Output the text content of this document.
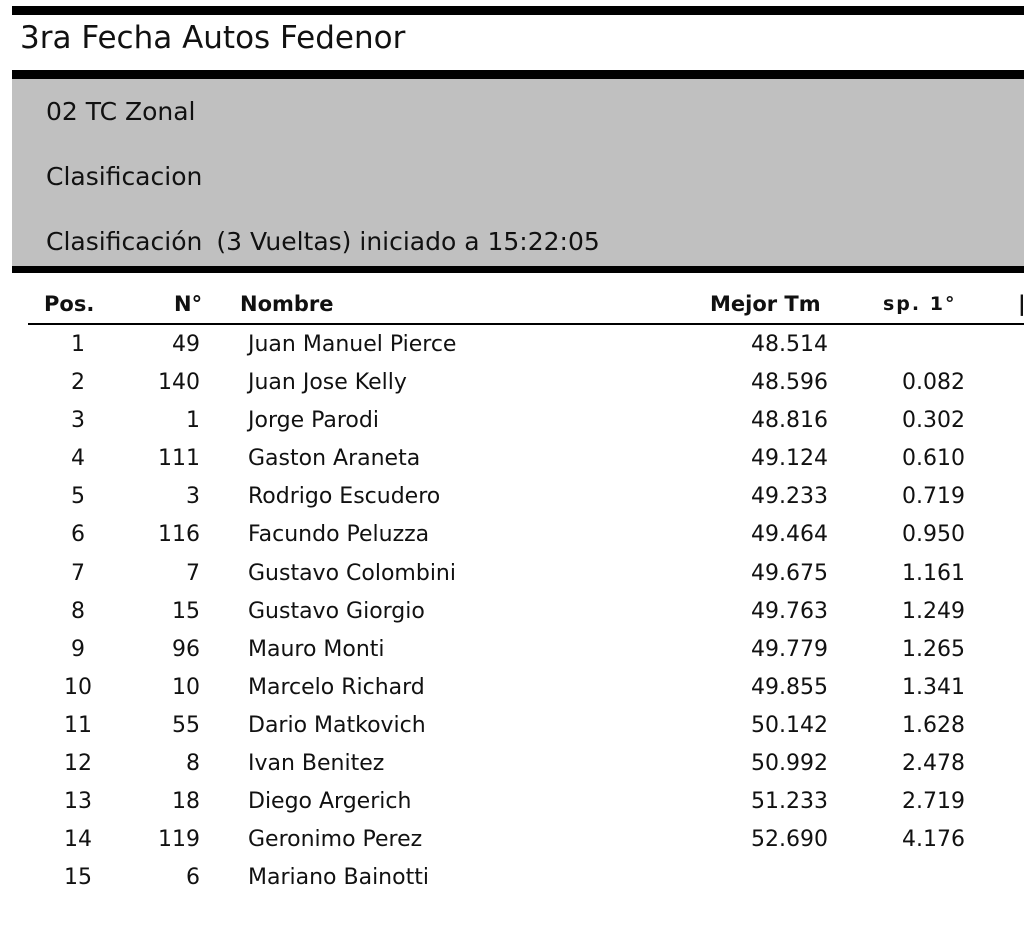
3ra Fecha Autos Fedenor
02 TC Zonal
Clasificacion
Clasificación (3 Vueltas) iniciado a 15:22:05
Pos.	N° Nombre	Mejor Tm	sp. 1°	|
1	49 Juan Manuel Pierce	48.514
2	140 Juan Jose Kelly	48.596	0.082
3	1 Jorge Parodi	48.816	0.302
4	111 Gaston Araneta	49.124	0.610
5	3 Rodrigo Escudero	49.233	0.719
6	116 Facundo Peluzza	49.464	0.950
7	7 Gustavo Colombini	49.675	1.161
8	15 Gustavo Giorgio	49.763	1.249
9	96 Mauro Monti	49.779	1.265
10	10 Marcelo Richard	49.855	1.341
11	55 Dario Matkovich	50.142	1.628
12	8 Ivan Benitez	50.992	2.478
13	18 Diego Argerich	51.233	2.719
14	119 Geronimo Perez	52.690	4.176
15	6 Mariano Bainotti
